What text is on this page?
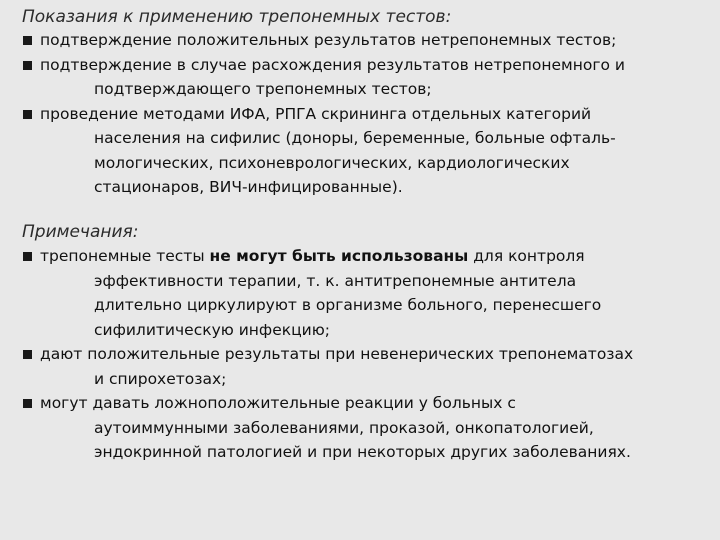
Показания к применению трепонемных тестов:
подтверждение положительных результатов нетрепонемных тестов;
подтверждение в случае расхождения результатов нетрепонемного и
подтверждающего трепонемных тестов;
проведение методами ИФА, РПГА скрининга отдельных категорий
населения на сифилис (доноры, беременные, больные офталь-
мологических, психоневрологических, кардиологических
стационаров, ВИЧ-инфицированные).
Примечания:
трепонемные тесты не могут быть использованы для контроля
эффективности терапии, т. к. антитрепонемные антитела
длительно циркулируют в организме больного, перенесшего
сифилитическую инфекцию;
дают положительные результаты при невенерических трепонематозах
и спирохетозах;
могут давать ложноположительные реакции у больных с
аутоиммунными заболеваниями, проказой, онкопатологией,
эндокринной патологией и при некоторых других заболеваниях.
